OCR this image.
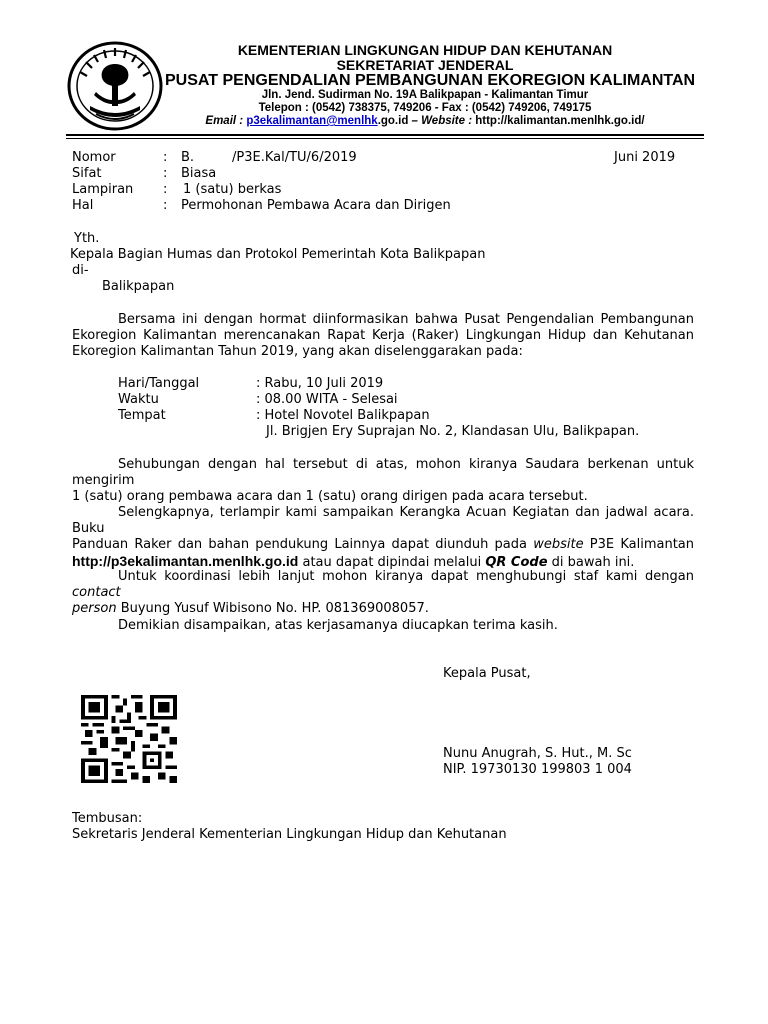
KEMENTERIAN LINGKUNGAN HIDUP DAN KEHUTANAN
SEKRETARIAT JENDERAL
PUSAT PENGENDALIAN PEMBANGUNAN EKOREGION KALIMANTAN
Jln. Jend. Sudirman No. 19A Balikpapan - Kalimantan Timur
Telepon : (0542) 738375, 749206 - Fax : (0542) 749206, 749175
Email : p3ekalimantan@menlhk.go.id – Website : http://kalimantan.menlhk.go.id/
Nomor	: B.	/P3E.Kal/TU/6/2019	Juni 2019
Sifat	: Biasa
Lampiran : 1 (satu) berkas
Hal	: Permohonan Pembawa Acara dan Dirigen
Yth.
Kepala Bagian Humas dan Protokol Pemerintah Kota Balikpapan
di-
Balikpapan
Bersama ini dengan hormat diinformasikan bahwa Pusat Pengendalian Pembangunan
Ekoregion Kalimantan merencanakan Rapat Kerja (Raker) Lingkungan Hidup dan Kehutanan
Ekoregion Kalimantan Tahun 2019, yang akan diselenggarakan pada:
Hari/Tanggal	: Rabu, 10 Juli 2019
Waktu	: 08.00 WITA - Selesai
Tempat	: Hotel Novotel Balikpapan
Jl. Brigjen Ery Suprajan No. 2, Klandasan Ulu, Balikpapan.
Sehubungan dengan hal tersebut di atas, mohon kiranya Saudara berkenan untuk mengirim
1 (satu) orang pembawa acara dan 1 (satu) orang dirigen pada acara tersebut.
Selengkapnya, terlampir kami sampaikan Kerangka Acuan Kegiatan dan jadwal acara. Buku
Panduan Raker dan bahan pendukung Lainnya dapat diunduh pada website P3E Kalimantan
http://p3ekalimantan.menlhk.go.id atau dapat dipindai melalui QR Code di bawah ini.
Untuk koordinasi lebih lanjut mohon kiranya dapat menghubungi staf kami dengan contact
person Buyung Yusuf Wibisono No. HP. 081369008057.
Demikian disampaikan, atas kerjasamanya diucapkan terima kasih.
Kepala Pusat,
Nunu Anugrah, S. Hut., M. Sc
NIP. 19730130 199803 1 004
Tembusan:
Sekretaris Jenderal Kementerian Lingkungan Hidup dan Kehutanan
